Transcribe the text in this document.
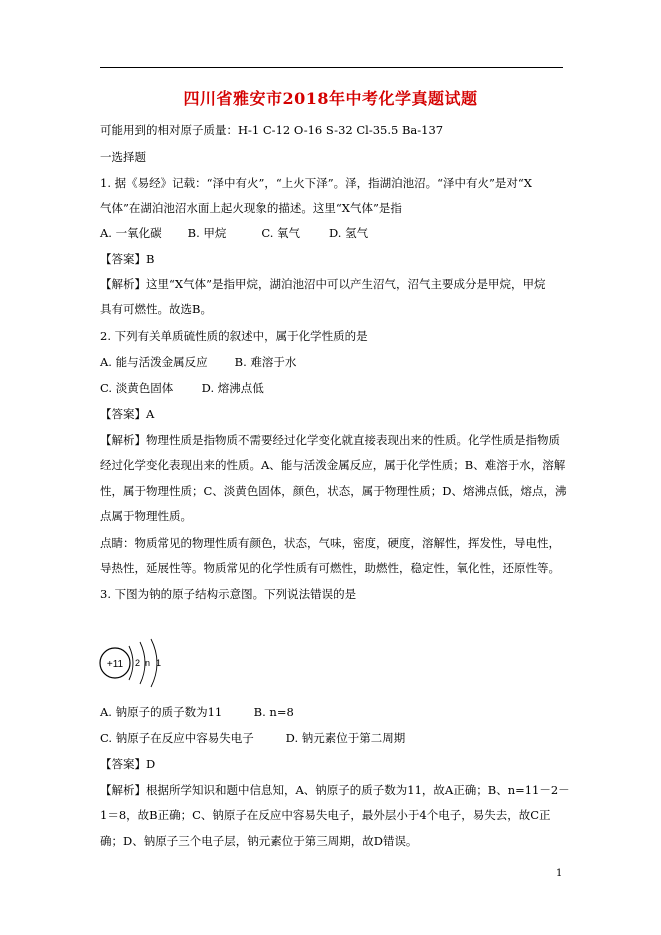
四川省雅安市2018年中考化学真题试题
可能用到的相对原子质量：H-1 C-12 O-16 S-32 Cl-35.5 Ba-137
一选择题
1. 据《易经》记载：“泽中有火”，“上火下泽”。泽，指湖泊池沼。“泽中有火”是对“X
气体”在湖泊池沼水面上起火现象的描述。这里“X气体”是指
A. 一氧化碳 B. 甲烷	C. 氧气	D. 氢气
【答案】B
【解析】这里“X气体”是指甲烷，湖泊池沼中可以产生沼气，沼气主要成分是甲烷，甲烷
具有可燃性。故选B。
2. 下列有关单质硫性质的叙述中，属于化学性质的是
A. 能与活泼金属反应 B. 难溶于水
C. 淡黄色固体 D. 熔沸点低
【答案】A
【解析】物理性质是指物质不需要经过化学变化就直接表现出来的性质。化学性质是指物质
经过化学变化表现出来的性质。A、能与活泼金属反应，属于化学性质；B、难溶于水，溶解
性，属于物理性质；C、淡黄色固体，颜色，状态，属于物理性质；D、熔沸点低，熔点，沸
点属于物理性质。
点睛：物质常见的物理性质有颜色，状态，气味，密度，硬度，溶解性，挥发性，导电性，
导热性，延展性等。物质常见的化学性质有可燃性，助燃性，稳定性，氧化性，还原性等。
3. 下图为钠的原子结构示意图。下列说法错误的是
+11 2 n 1
A. 钠原子的质子数为11	B. n=8
C. 钠原子在反应中容易失电子	D. 钠元素位于第二周期
【答案】D
【解析】根据所学知识和题中信息知，A、钠原子的质子数为11，故A正确；B、n=11－2－
1＝8，故B正确；C、钠原子在反应中容易失电子，最外层小于4个电子，易失去，故C正
确；D、钠原子三个电子层，钠元素位于第三周期，故D错误。
1
